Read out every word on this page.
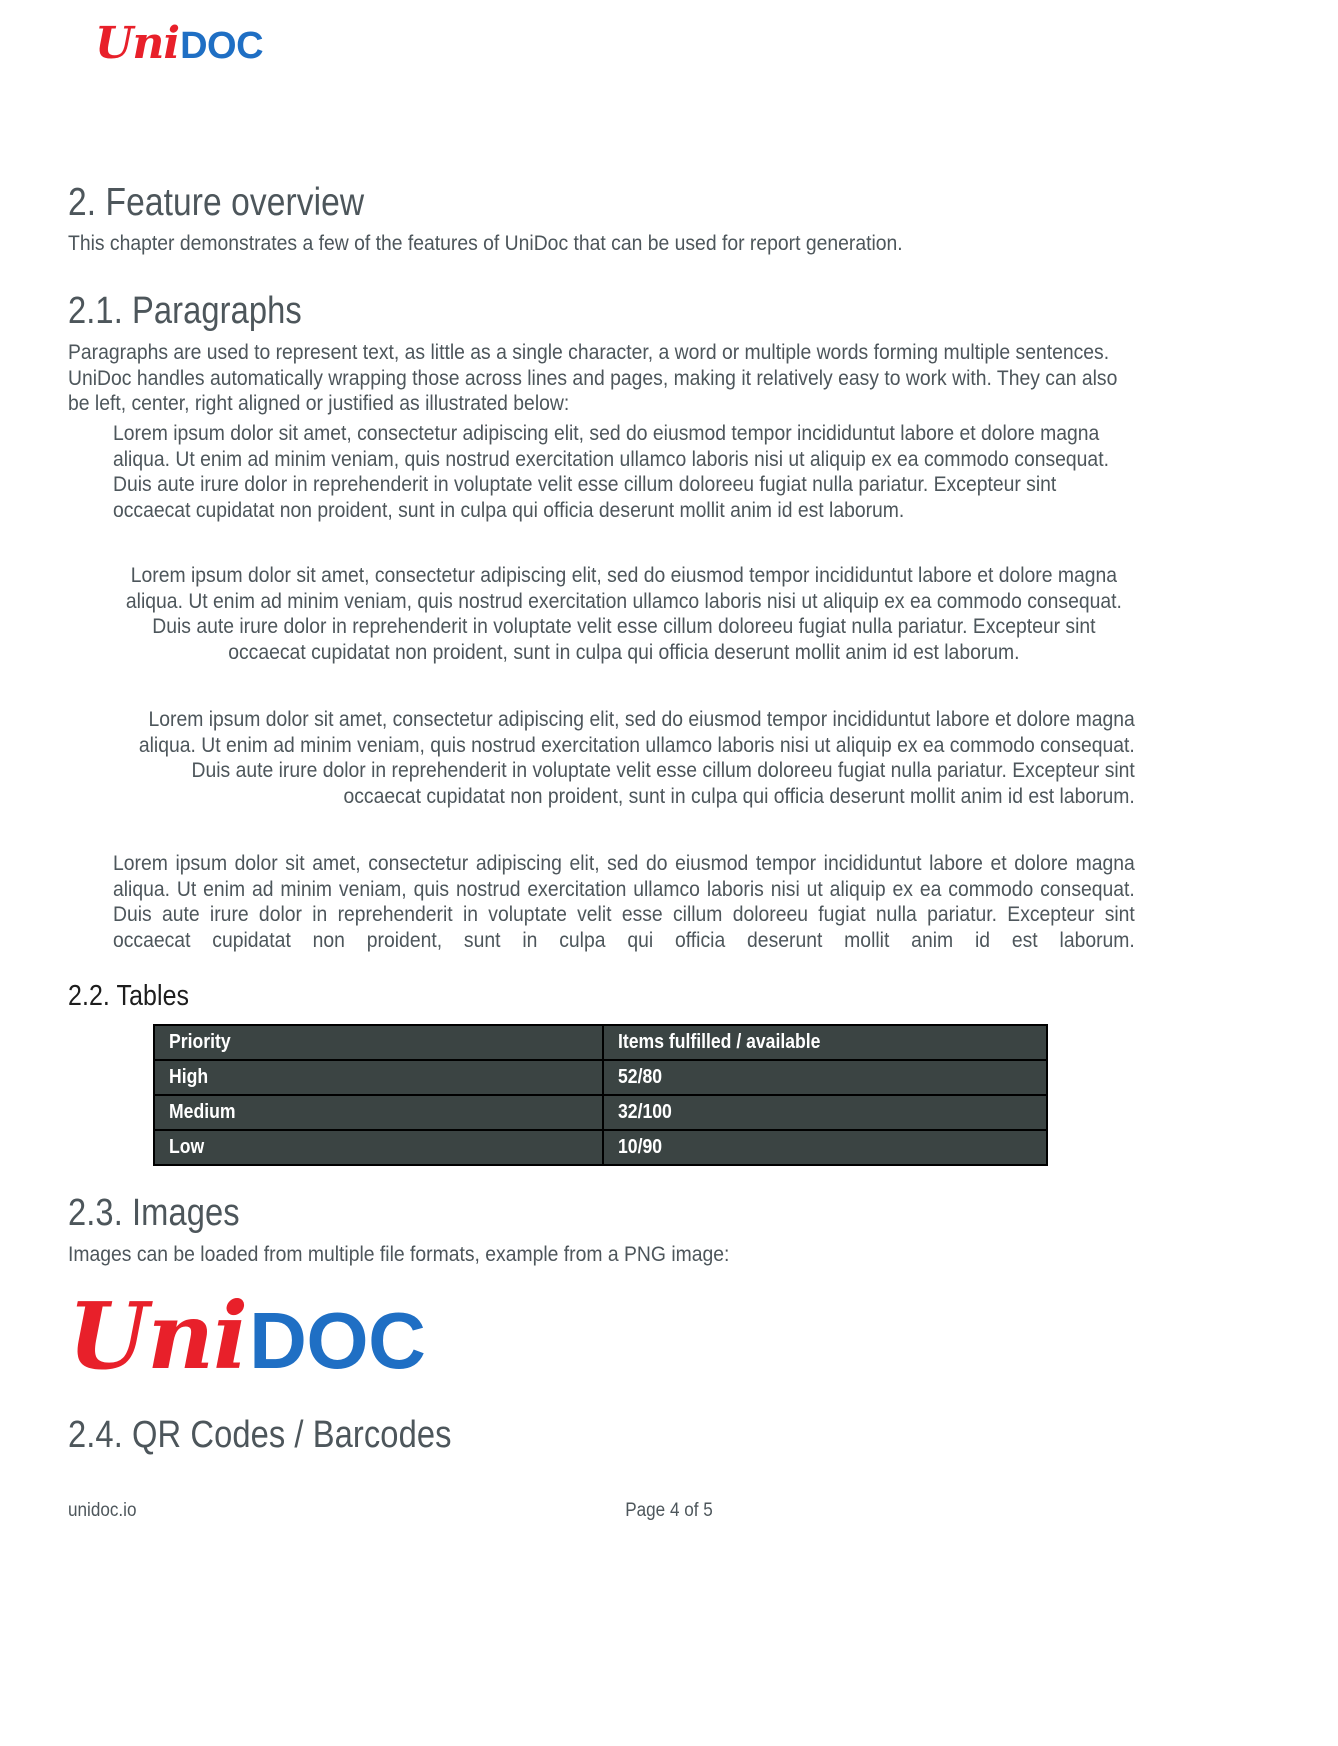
Uni DOC
2. Feature overview

This chapter demonstrates a few of the features of UniDoc that can be used for report generation.

2.1. Paragraphs

Paragraphs are used to represent text, as little as a single character, a word or multiple words forming multiple sentences. UniDoc handles automatically wrapping those across lines and pages, making it relatively easy to work with. They can also be left, center, right aligned or justified as illustrated below:

Lorem ipsum dolor sit amet, consectetur adipiscing elit, sed do eiusmod tempor incididuntut labore et dolore magna aliqua. Ut enim ad minim veniam, quis nostrud exercitation ullamco laboris nisi ut aliquip ex ea commodo consequat. Duis aute irure dolor in reprehenderit in voluptate velit esse cillum doloreeu fugiat nulla pariatur. Excepteur sint occaecat cupidatat non proident, sunt in culpa qui officia deserunt mollit anim id est laborum.

Lorem ipsum dolor sit amet, consectetur adipiscing elit, sed do eiusmod tempor incididuntut labore et dolore magna aliqua. Ut enim ad minim veniam, quis nostrud exercitation ullamco laboris nisi ut aliquip ex ea commodo consequat. Duis aute irure dolor in reprehenderit in voluptate velit esse cillum doloreeu fugiat nulla pariatur. Excepteur sint occaecat cupidatat non proident, sunt in culpa qui officia deserunt mollit anim id est laborum.

Lorem ipsum dolor sit amet, consectetur adipiscing elit, sed do eiusmod tempor incididuntut labore et dolore magna aliqua. Ut enim ad minim veniam, quis nostrud exercitation ullamco laboris nisi ut aliquip ex ea commodo consequat. Duis aute irure dolor in reprehenderit in voluptate velit esse cillum doloreeu fugiat nulla pariatur. Excepteur sint occaecat cupidatat non proident, sunt in culpa qui officia deserunt mollit anim id est laborum.

Lorem ipsum dolor sit amet, consectetur adipiscing elit, sed do eiusmod tempor incididuntut labore et dolore magna aliqua. Ut enim ad minim veniam, quis nostrud exercitation ullamco laboris nisi ut aliquip ex ea commodo consequat. Duis aute irure dolor in reprehenderit in voluptate velit esse cillum doloreeu fugiat nulla pariatur. Excepteur sint occaecat cupidatat non proident, sunt in culpa qui officia deserunt mollit anim id est laborum.

2.2. Tables
Priority	Items fulfilled / available
High	52/80
Medium	32/100
Low	10/90
2.3. Images

Images can be loaded from multiple file formats, example from a PNG image:

2.4. QR Codes / Barcodes
Uni DOC
unidoc.io	Page 4 of 5
